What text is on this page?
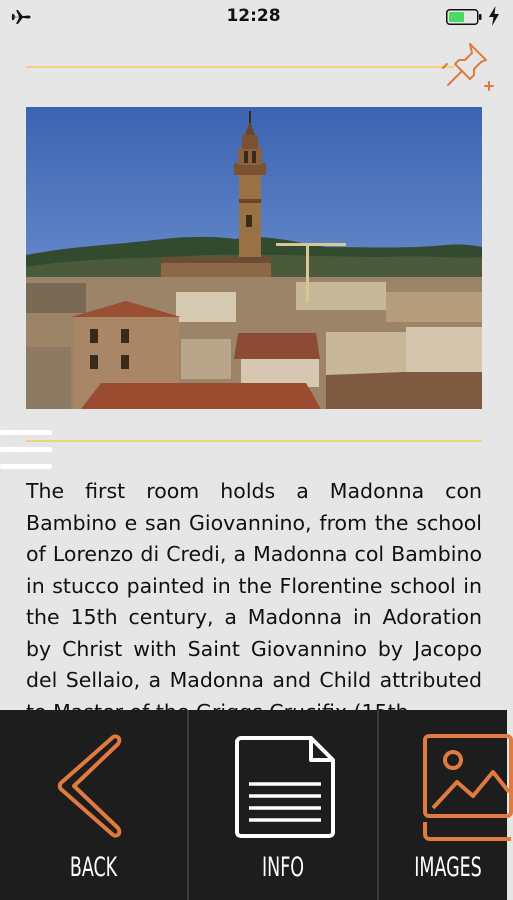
12:28

The first room holds a Madonna con Bambino e san Giovannino, from the school of Lorenzo di Credi, a Madonna col Bambino in stucco painted in the Florentine school in the 15th century, a Madonna in Adoration by Christ with Saint Giovannino by Jacopo del Sellaio, a Madonna and Child attributed

BACK	INFO	IMAGES
